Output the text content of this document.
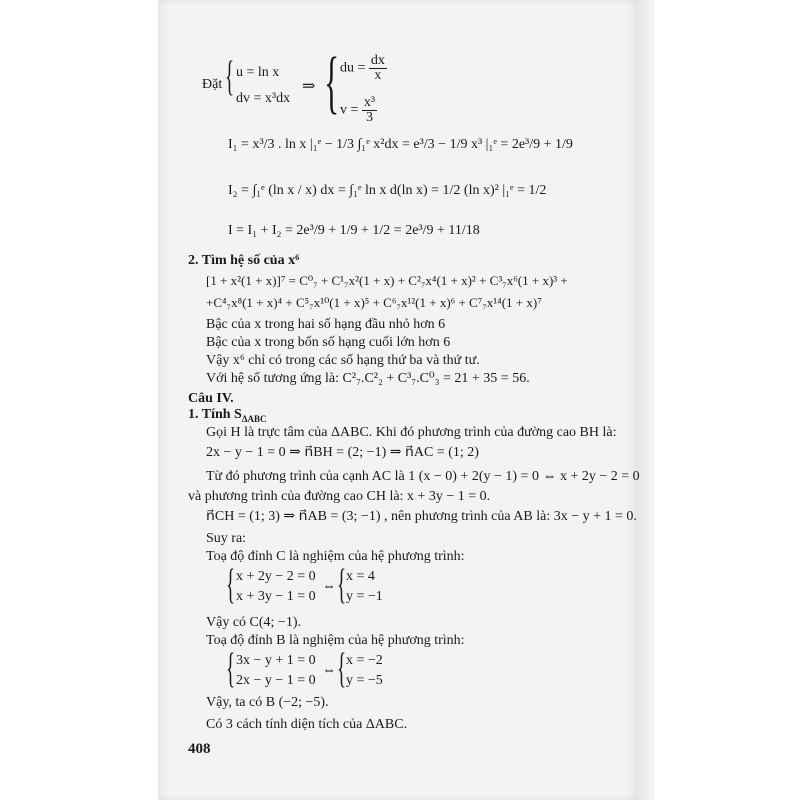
Đặt { u = ln x
dv = x³dx
⇒ { du = $\frac{dx}{x}$
$v = \frac{\text{x³}}{3}$
I₁ = x³/3 . ln x |₁ᵉ − 1/3 ∫₁ᵉ x²dx = e³/3 − 1/9 x³ |₁ᵉ = 2e³/9 + 1/9
I₂ = ∫₁ᵉ (ln x / x) dx = ∫₁ᵉ ln x d(ln x) = 1/2 (ln x)² |₁ᵉ = 1/2
I = I₁ + I₂ = 2e³/9 + 1/9 + 1/2 = 2e³/9 + 11/18
2. Tìm hệ số của x⁶
[1 + x²(1 + x)]⁷ = C⁰₇ + C¹₇x²(1 + x) + C²₇x⁴(1 + x)² + C³₇x⁶(1 + x)³ +
+C⁴₇x⁸(1 + x)⁴ + C⁵₇x¹⁰(1 + x)⁵ + C⁶₇x¹²(1 + x)⁶ + C⁷₇x¹⁴(1 + x)⁷
Bậc của x trong hai số hạng đầu nhỏ hơn 6
Bậc của x trong bốn số hạng cuối lớn hơn 6
Vậy x⁶ chỉ có trong các số hạng thứ ba và thứ tư.
Với hệ số tương ứng là: C²₇.C²₂ + C³₇.C⁰₃ = 21 + 35 = 56.
Câu IV.
1. Tính $S_{\Delta ABC}$
Gọi H là trực tâm của ΔABC. Khi đó phương trình của đường cao BH là:
2x − y − 1 = 0 ⇒ n⃗BH = (2; −1) ⇒ n⃗AC = (1; 2)
Từ đó phương trình của cạnh AC là 1 (x − 0) + 2(y − 1) = 0 ⇔ x + 2y − 2 = 0
và phương trình của đường cao CH là: x + 3y − 1 = 0.
n⃗CH = (1; 3) ⇒ n⃗AB = (3; −1) , nên phương trình của AB là: 3x − y + 1 = 0.
Suy ra:
Toạ độ đỉnh C là nghiệm của hệ phương trình:
{ x + 2y − 2 = 0
x + 3y − 1 = 0
⇔ { x = 4
y = −1
Vậy có C(4; −1).
Toạ độ đỉnh B là nghiệm của hệ phương trình:
{ 3x − y + 1 = 0
2x − y − 1 = 0
⇔ { x = −2
y = −5
Vậy, ta có B (−2; −5).
Có 3 cách tính diện tích của ΔABC.
408
